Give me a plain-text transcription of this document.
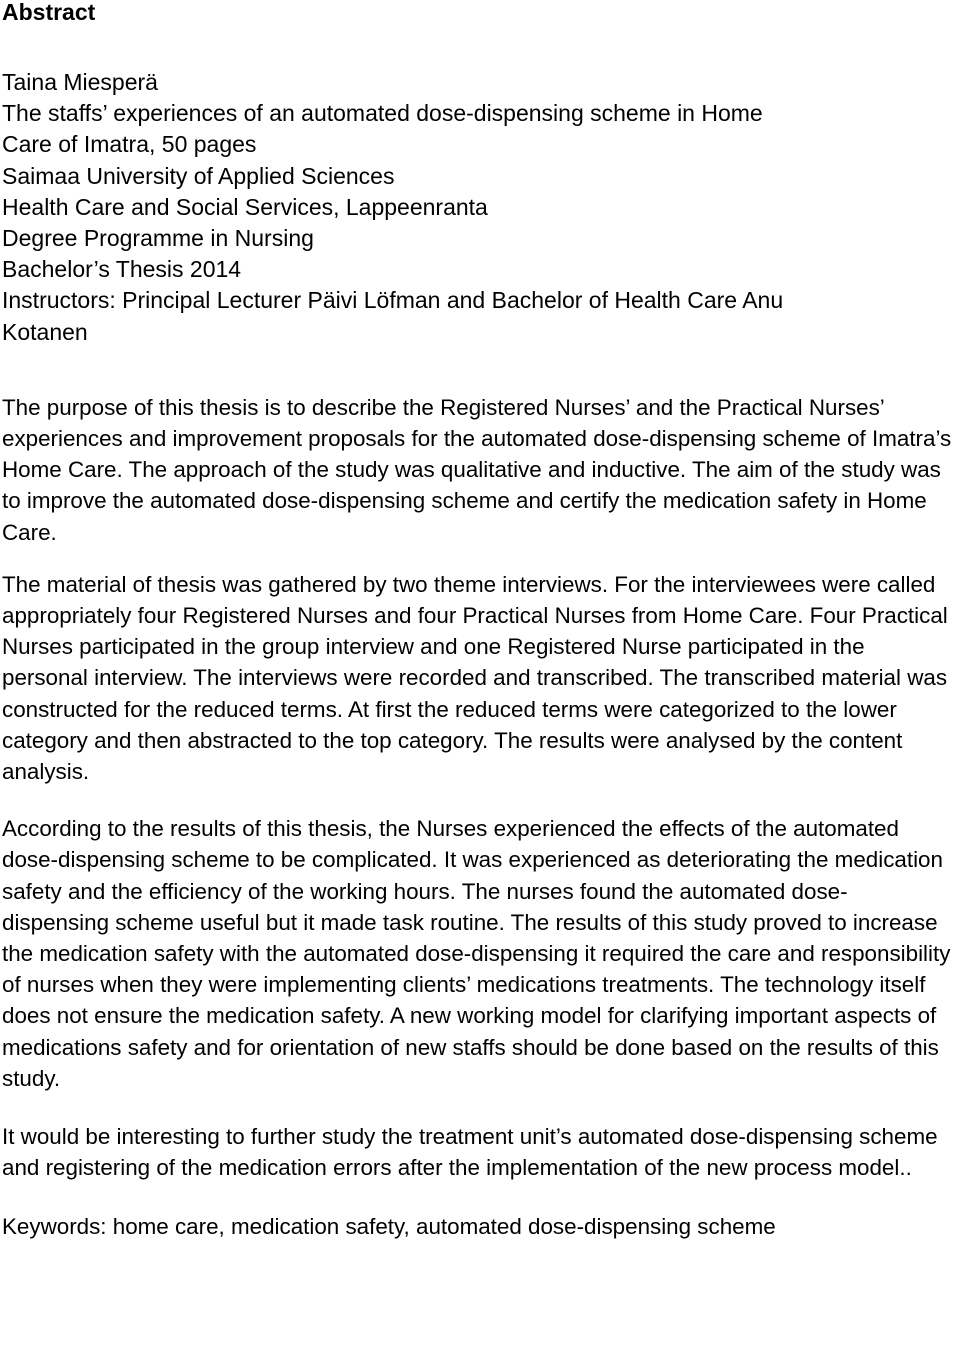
Abstract
Taina Miesperä
The staffs’ experiences of an automated dose-dispensing scheme in Home
Care of Imatra, 50 pages
Saimaa University of Applied Sciences
Health Care and Social Services, Lappeenranta
Degree Programme in Nursing
Bachelor’s Thesis 2014
Instructors: Principal Lecturer Päivi Löfman and Bachelor of Health Care Anu
Kotanen

The purpose of this thesis is to describe the Registered Nurses’ and the Practical Nurses’ experiences and improvement proposals for the automated dose-dispensing scheme of Imatra’s Home Care. The approach of the study was qualitative and inductive. The aim of the study was to improve the automated dose-dispensing scheme and certify the medication safety in Home Care.

The material of thesis was gathered by two theme interviews. For the interviewees were called appropriately four Registered Nurses and four Practical Nurses from Home Care. Four Practical Nurses participated in the group interview and one Registered Nurse participated in the personal interview. The interviews were recorded and transcribed. The transcribed material was constructed for the reduced terms. At first the reduced terms were categorized to the lower category and then abstracted to the top category. The results were analysed by the content analysis.

According to the results of this thesis, the Nurses experienced the effects of the automated dose-dispensing scheme to be complicated. It was experienced as deteriorating the medication safety and the efficiency of the working hours. The nurses found the automated dose-dispensing scheme useful but it made task routine. The results of this study proved to increase the medication safety with the automated dose-dispensing it required the care and responsibility of nurses when they were implementing clients’ medications treatments. The technology itself does not ensure the medication safety. A new working model for clarifying important aspects of medications safety and for orientation of new staffs should be done based on the results of this study.

It would be interesting to further study the treatment unit’s automated dose-dispensing scheme and registering of the medication errors after the implementation of the new process model..

Keywords: home care, medication safety, automated dose-dispensing scheme
